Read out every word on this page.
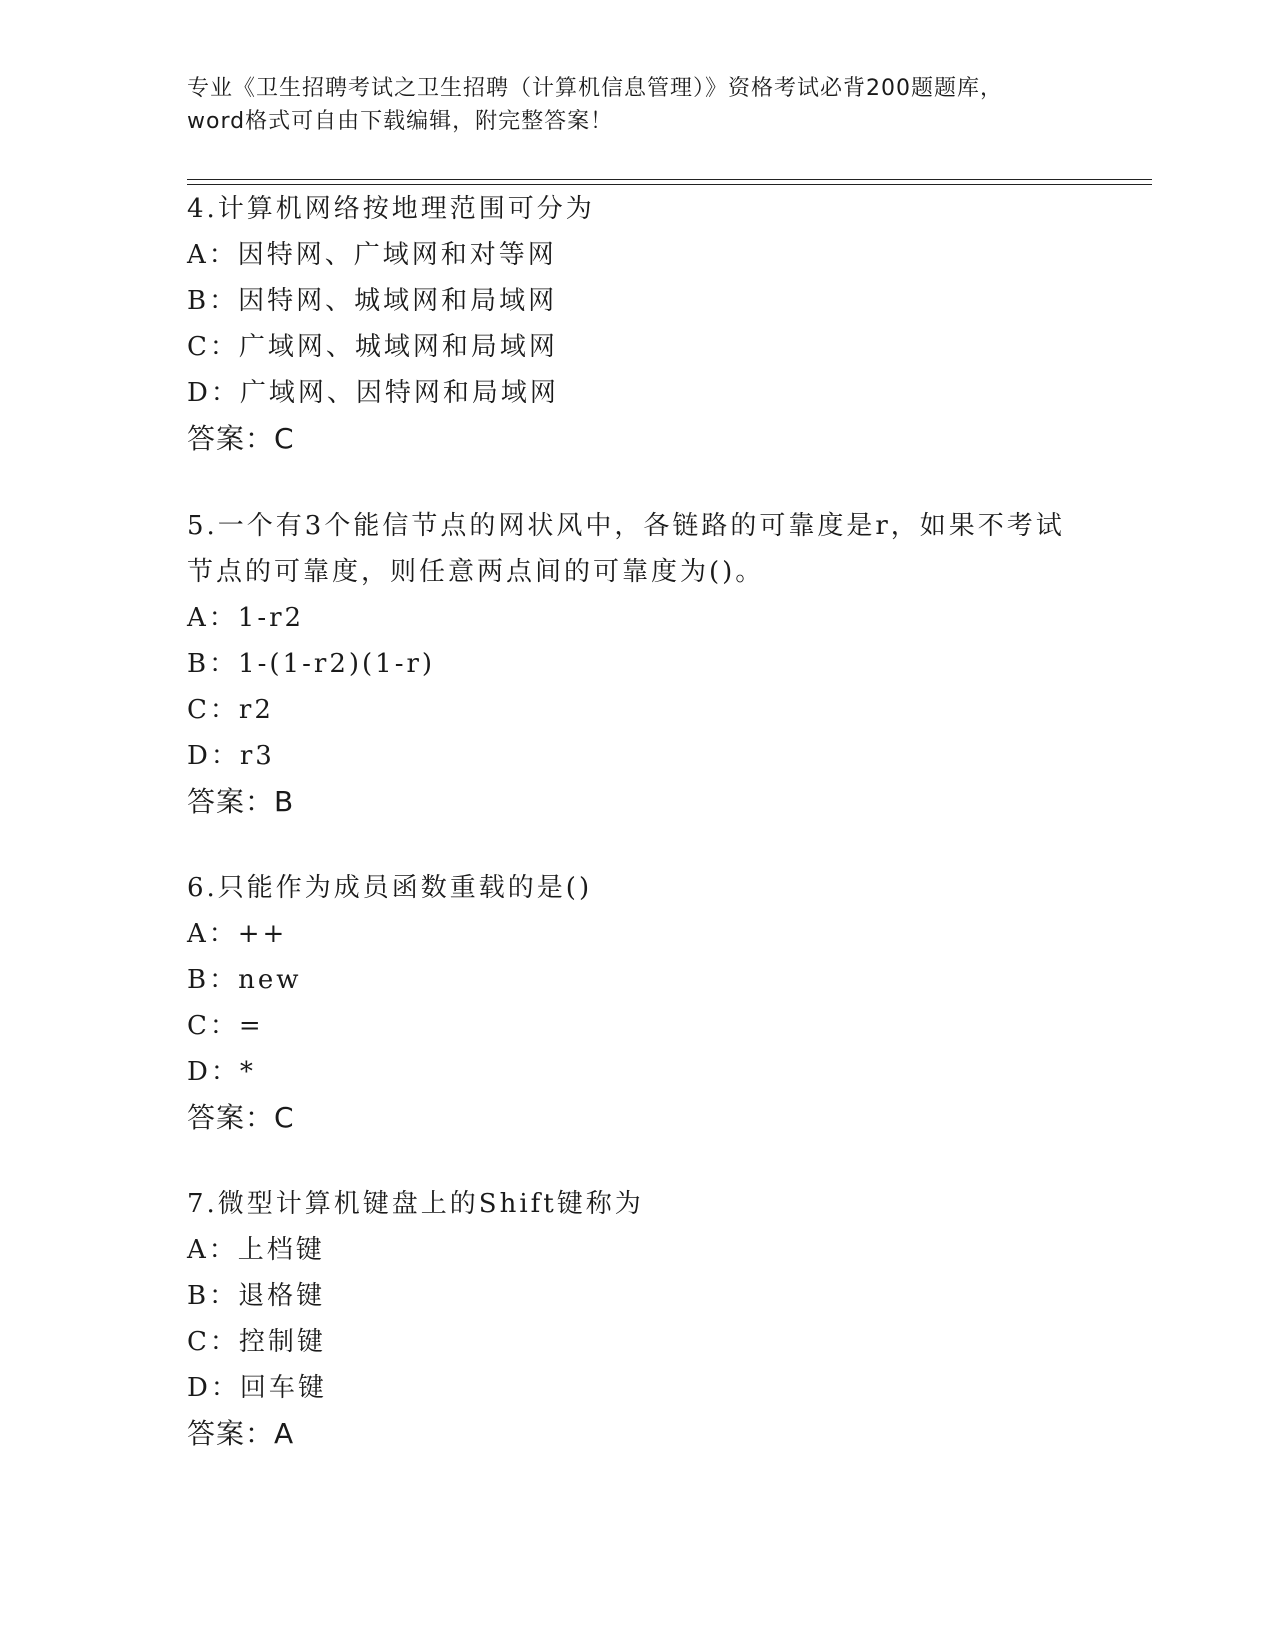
专业《卫生招聘考试之卫生招聘（计算机信息管理）》资格考试必背200题题库，
word格式可自由下载编辑，附完整答案！

4.计算机网络按地理范围可分为

A：因特网、广域网和对等网

B：因特网、城域网和局域网

C：广域网、城域网和局域网

D：广域网、因特网和局域网

答案：C

5.一个有3个能信节点的网状风中，各链路的可靠度是r，如果不考试节点的可靠度，则任意两点间的可靠度为()。

A：1-r2

B：1-(1-r2)(1-r)

C：r2

D：r3

答案：B

6.只能作为成员函数重载的是()

A：++

B：new

C：=

D：*

答案：C

7.微型计算机键盘上的Shift键称为

A：上档键

B：退格键

C：控制键

D：回车键

答案：A
